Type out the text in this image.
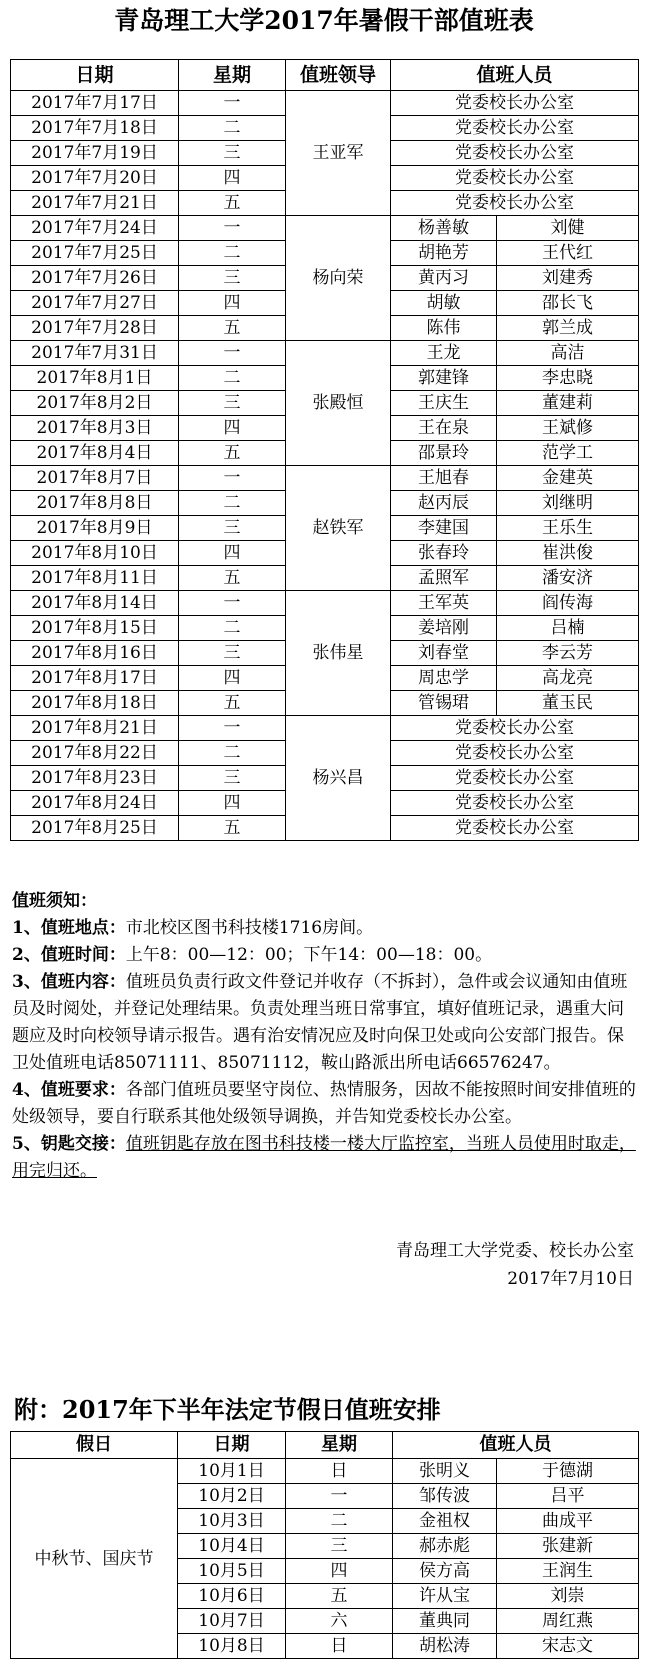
青岛理工大学2017年暑假干部值班表
日期	星期	值班领导	值班人员	
2017年7月17日	一	王亚军	党委校长办公室	
2017年7月18日	二		党委校长办公室	
2017年7月19日	三		党委校长办公室	
2017年7月20日	四		党委校长办公室	
2017年7月21日	五		党委校长办公室	
2017年7月24日	一	杨向荣	杨善敏	刘健
2017年7月25日	二		胡艳芳	王代红
2017年7月26日	三		黄丙习	刘建秀
2017年7月27日	四		胡敏	邵长飞
2017年7月28日	五		陈伟	郭兰成
2017年7月31日	一	张殿恒	王龙	高洁
2017年8月1日	二		郭建锋	李忠晓
2017年8月2日	三		王庆生	董建莉
2017年8月3日	四		王在泉	王斌修
2017年8月4日	五		邵景玲	范学工
2017年8月7日	一	赵铁军	王旭春	金建英
2017年8月8日	二		赵丙辰	刘继明
2017年8月9日	三		李建国	王乐生
2017年8月10日	四		张春玲	崔洪俊
2017年8月11日	五		孟照军	潘安济
2017年8月14日	一	张伟星	王军英	阎传海
2017年8月15日	二		姜培刚	吕楠
2017年8月16日	三		刘春堂	李云芳
2017年8月17日	四		周忠学	高龙亮
2017年8月18日	五		管锡珺	董玉民
2017年8月21日	一	杨兴昌	党委校长办公室	
2017年8月22日	二		党委校长办公室	
2017年8月23日	三		党委校长办公室	
2017年8月24日	四		党委校长办公室	
2017年8月25日	五		党委校长办公室	

值班须知：

1、值班地点：市北校区图书科技楼1716房间。

2、值班时间：上午8：00—12：00；下午14：00—18：00。

3、值班内容：值班员负责行政文件登记并收存（不拆封），急件或会议通知由值班员及时阅处，并登记处理结果。负责处理当班日常事宜，填好值班记录，遇重大问题应及时向校领导请示报告。遇有治安情况应及时向保卫处或向公安部门报告。保卫处值班电话85071111、85071112，鞍山路派出所电话66576247。

4、值班要求：各部门值班员要坚守岗位、热情服务，因故不能按照时间安排值班的处级领导，要自行联系其他处级领导调换，并告知党委校长办公室。

5、钥匙交接：值班钥匙存放在图书科技楼一楼大厅监控室，当班人员使用时取走，用完归还。

青岛理工大学党委、校长办公室
2017年7月10日
附：2017年下半年法定节假日值班安排
假日	日期	星期	值班人员	
中秋节、国庆节	10月1日	日	张明义	于德湖
	10月2日	一	邹传波	吕平
	10月3日	二	金祖权	曲成平
	10月4日	三	郝赤彪	张建新
	10月5日	四	侯方高	王润生
	10月6日	五	许从宝	刘崇
	10月7日	六	董典同	周红燕
	10月8日	日	胡松涛	宋志文
